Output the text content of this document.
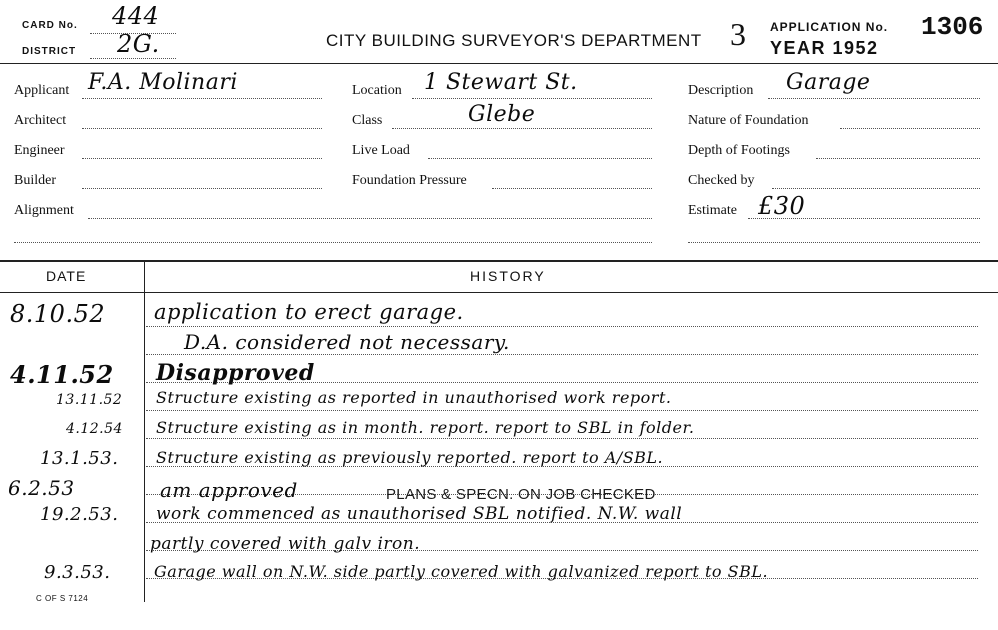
CARD No. 444
DISTRICT 2G.	CITY BUILDING SURVEYOR'S DEPARTMENT 3 APPLICATION No. 1306
YEAR 1952
Applicant F.A. Molinari
Architect
Engineer
Builder
Alignment
Location 1 Stewart St.
Class	Glebe
Live Load
Foundation Pressure
Description Garage
Nature of Foundation
Depth of Footings
Checked by
Estimate £30
DATE	HISTORY
8.10.52 application to erect garage.
D.A. considered not necessary.
4.11.52 Disapproved
13.11.52 Structure existing as reported in unauthorised work report.
4.12.54 Structure existing as in month. report. report to SBL in folder.
13.1.53. Structure existing as previously reported. report to A/SBL.
6.2.53	am approved	PLANS & SPECN. ON JOB CHECKED
19.2.53. work commenced as unauthorised SBL notified. N.W. wall
partly covered with galv iron.
9.3.53.	Garage wall on N.W. side partly covered with galvanized report to SBL.
C OF S 7124
